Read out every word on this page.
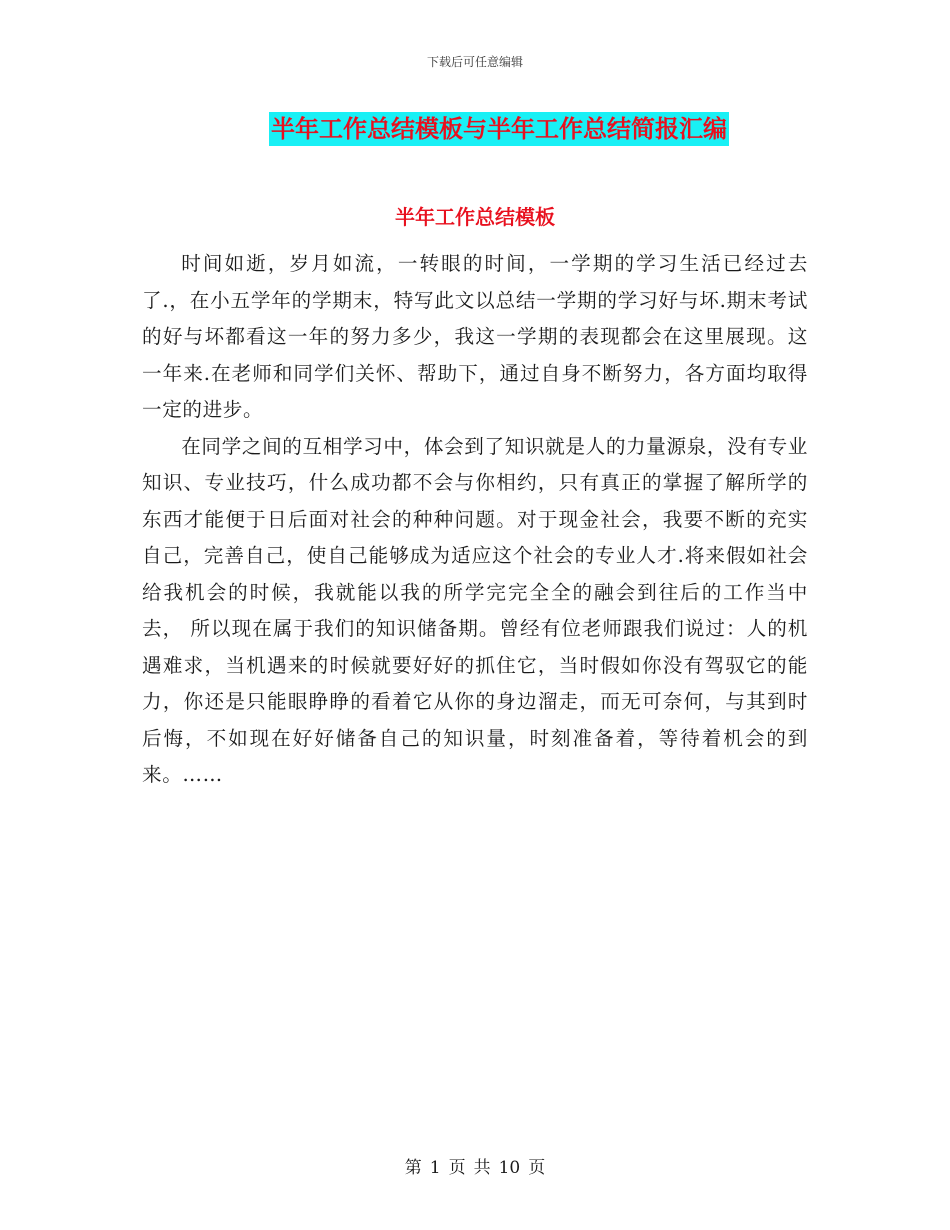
下载后可任意编辑
半年工作总结模板与半年工作总结简报汇编
半年工作总结模板

时间如逝，岁月如流，一转眼的时间，一学期的学习生活已经过去了.，在小五学年的学期末，特写此文以总结一学期的学习好与坏.期末考试的好与坏都看这一年的努力多少，我这一学期的表现都会在这里展现。这一年来.在老师和同学们关怀、帮助下，通过自身不断努力，各方面均取得一定的进步。

在同学之间的互相学习中，体会到了知识就是人的力量源泉，没有专业知识、专业技巧，什么成功都不会与你相约，只有真正的掌握了解所学的东西才能便于日后面对社会的种种问题。对于现金社会，我要不断的充实自己，完善自己，使自己能够成为适应这个社会的专业人才.将来假如社会给我机会的时候，我就能以我的所学完完全全的融会到往后的工作当中去， 所以现在属于我们的知识储备期。曾经有位老师跟我们说过：人的机遇难求，当机遇来的时候就要好好的抓住它，当时假如你没有驾驭它的能力，你还是只能眼睁睁的看着它从你的身边溜走，而无可奈何，与其到时后悔，不如现在好好储备自己的知识量，时刻准备着，等待着机会的到来。……

第 1 页 共 10 页
